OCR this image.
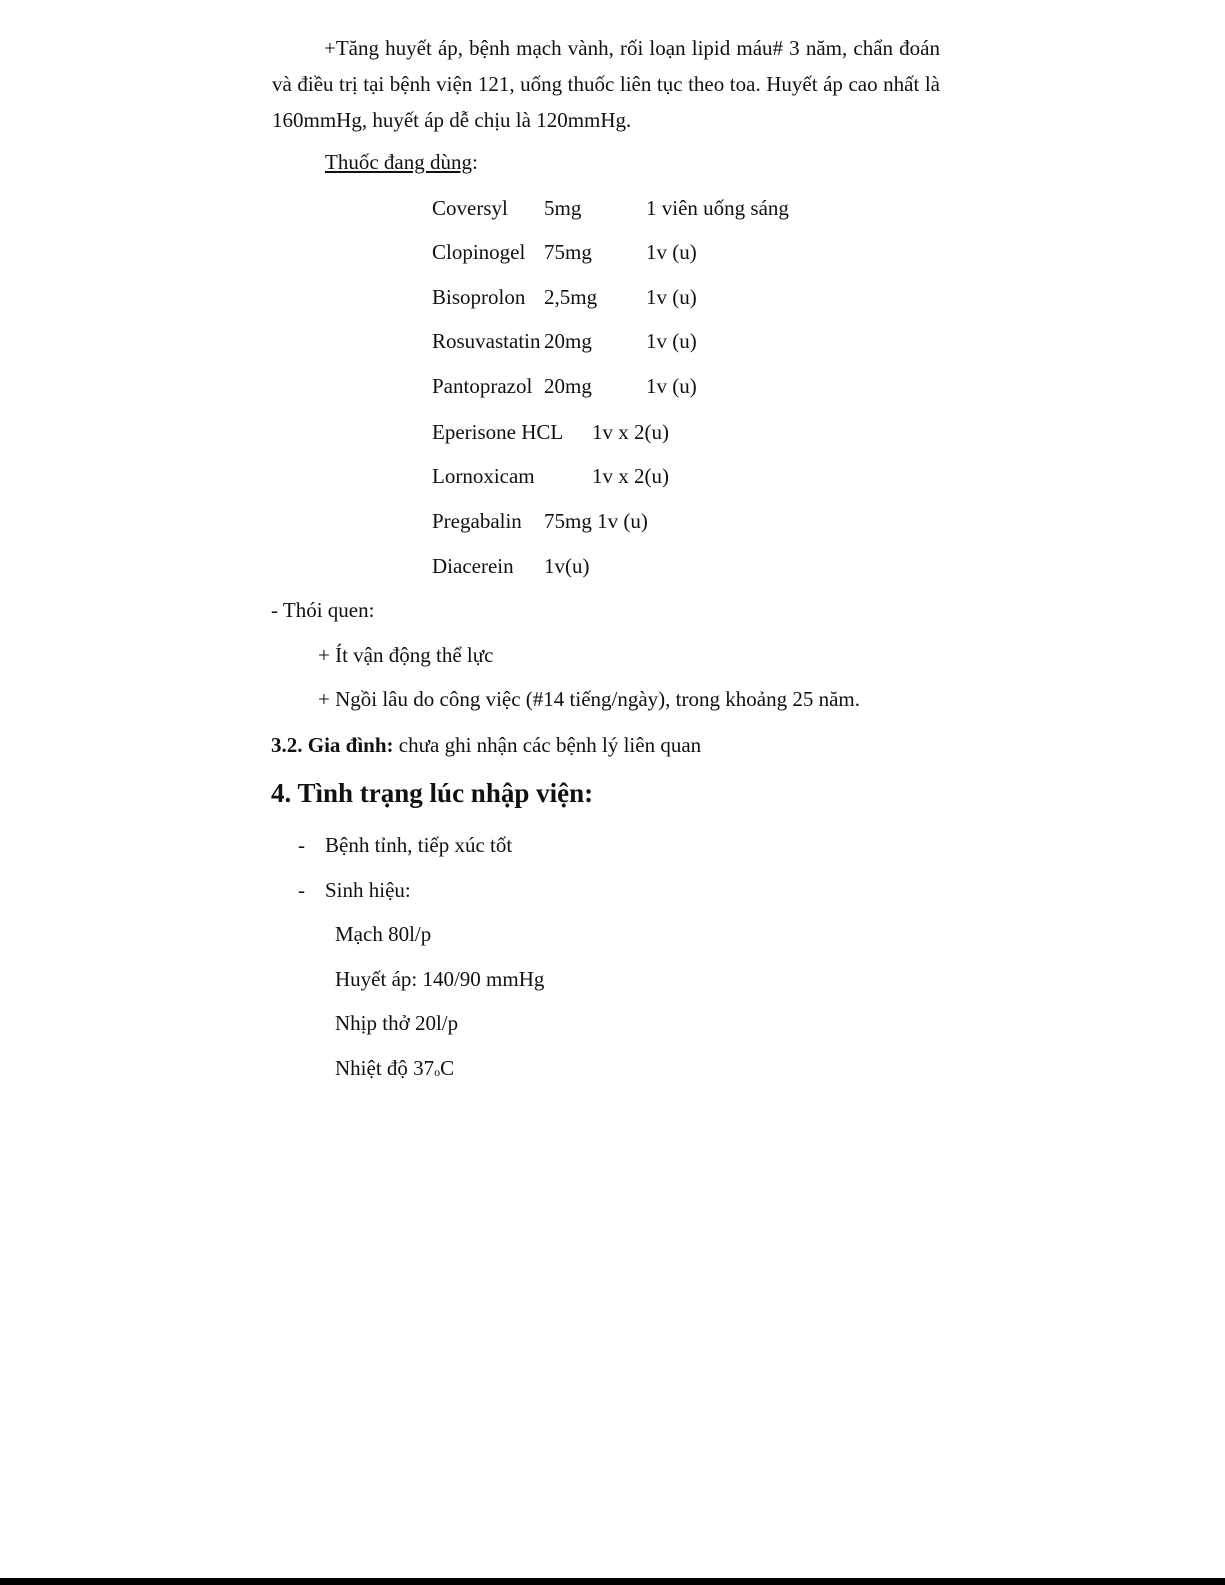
+Tăng huyết áp, bệnh mạch vành, rối loạn lipid máu# 3 năm, chẩn đoán và điều trị tại bệnh viện 121, uống thuốc liên tục theo toa. Huyết áp cao nhất là 160mmHg, huyết áp dễ chịu là 120mmHg.

Thuốc đang dùng:

Coversyl 5mg	1 viên uống sáng
Clopinogel 75mg	1v (u)
Bisoprolon 2,5mg 1v (u)
Rosuvastatin 20mg	1v (u)
Pantoprazol 20mg	1v (u)
Eperisone HCL 1v x 2(u)
Lornoxicam	1v x 2(u)
Pregabalin 75mg 1v (u)
Diacerein 1v(u)

- Thói quen:

+ Ít vận động thể lực

+ Ngồi lâu do công việc (#14 tiếng/ngày), trong khoảng 25 năm.

3.2. Gia đình: chưa ghi nhận các bệnh lý liên quan

4. Tình trạng lúc nhập viện:
- Bệnh tỉnh, tiếp xúc tốt
- Sinh hiệu:

Mạch 80l/p

Huyết áp: 140/90 mmHg

Nhịp thở 20l/p

Nhiệt độ $37_oC$
